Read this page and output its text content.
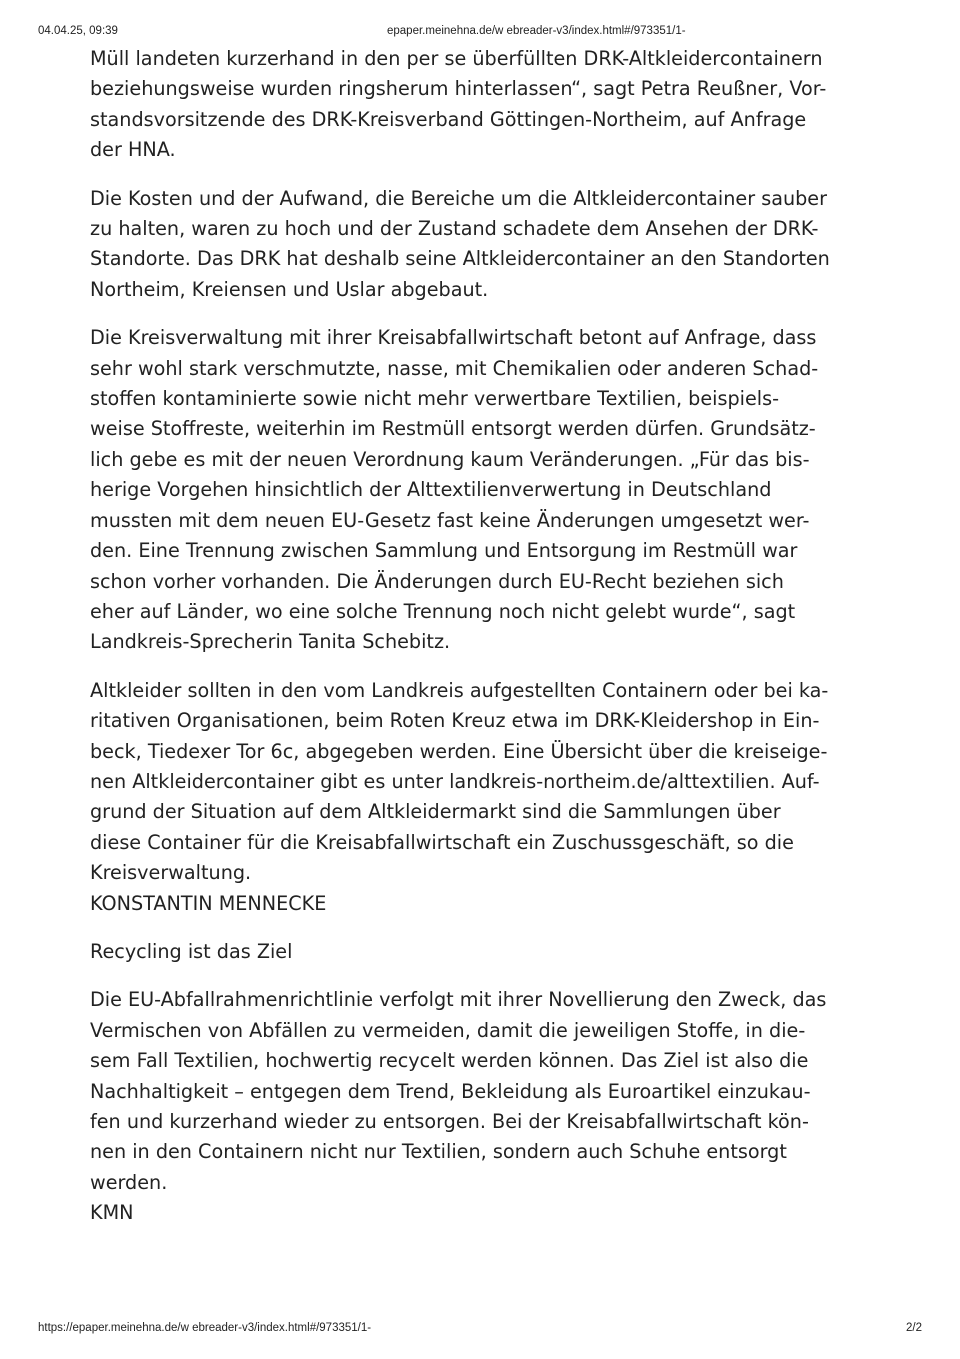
04.04.25, 09:39	epaper.meinehna.de/w ebreader-v3/index.html#/973351/1-

Müll landeten kurzerhand in den per se überfüllten DRK-Altkleidercontainern
beziehungsweise wurden ringsherum hinterlassen“, sagt Petra Reußner, Vor-
standsvorsitzende des DRK-Kreisverband Göttingen-Northeim, auf Anfrage
der HNA.

Die Kosten und der Aufwand, die Bereiche um die Altkleidercontainer sauber
zu halten, waren zu hoch und der Zustand schadete dem Ansehen der DRK-
Standorte. Das DRK hat deshalb seine Altkleidercontainer an den Standorten
Northeim, Kreiensen und Uslar abgebaut.

Die Kreisverwaltung mit ihrer Kreisabfallwirtschaft betont auf Anfrage, dass
sehr wohl stark verschmutzte, nasse, mit Chemikalien oder anderen Schad-
stoffen kontaminierte sowie nicht mehr verwertbare Textilien, beispiels-
weise Stoffreste, weiterhin im Restmüll entsorgt werden dürfen. Grundsätz-
lich gebe es mit der neuen Verordnung kaum Veränderungen. „Für das bis-
herige Vorgehen hinsichtlich der Alttextilienverwertung in Deutschland
mussten mit dem neuen EU-Gesetz fast keine Änderungen umgesetzt wer-
den. Eine Trennung zwischen Sammlung und Entsorgung im Restmüll war
schon vorher vorhanden. Die Änderungen durch EU-Recht beziehen sich
eher auf Länder, wo eine solche Trennung noch nicht gelebt wurde“, sagt
Landkreis-Sprecherin Tanita Schebitz.

Altkleider sollten in den vom Landkreis aufgestellten Containern oder bei ka-
ritativen Organisationen, beim Roten Kreuz etwa im DRK-Kleidershop in Ein-
beck, Tiedexer Tor 6c, abgegeben werden. Eine Übersicht über die kreiseige-
nen Altkleidercontainer gibt es unter landkreis-northeim.de/alttextilien. Auf-
grund der Situation auf dem Altkleidermarkt sind die Sammlungen über
diese Container für die Kreisabfallwirtschaft ein Zuschussgeschäft, so die
Kreisverwaltung.
KONSTANTIN MENNECKE

Recycling ist das Ziel

Die EU-Abfallrahmenrichtlinie verfolgt mit ihrer Novellierung den Zweck, das
Vermischen von Abfällen zu vermeiden, damit die jeweiligen Stoffe, in die-
sem Fall Textilien, hochwertig recycelt werden können. Das Ziel ist also die
Nachhaltigkeit – entgegen dem Trend, Bekleidung als Euroartikel einzukau-
fen und kurzerhand wieder zu entsorgen. Bei der Kreisabfallwirtschaft kön-
nen in den Containern nicht nur Textilien, sondern auch Schuhe entsorgt
werden.
KMN

https://epaper.meinehna.de/w ebreader-v3/index.html#/973351/1-	2/2
